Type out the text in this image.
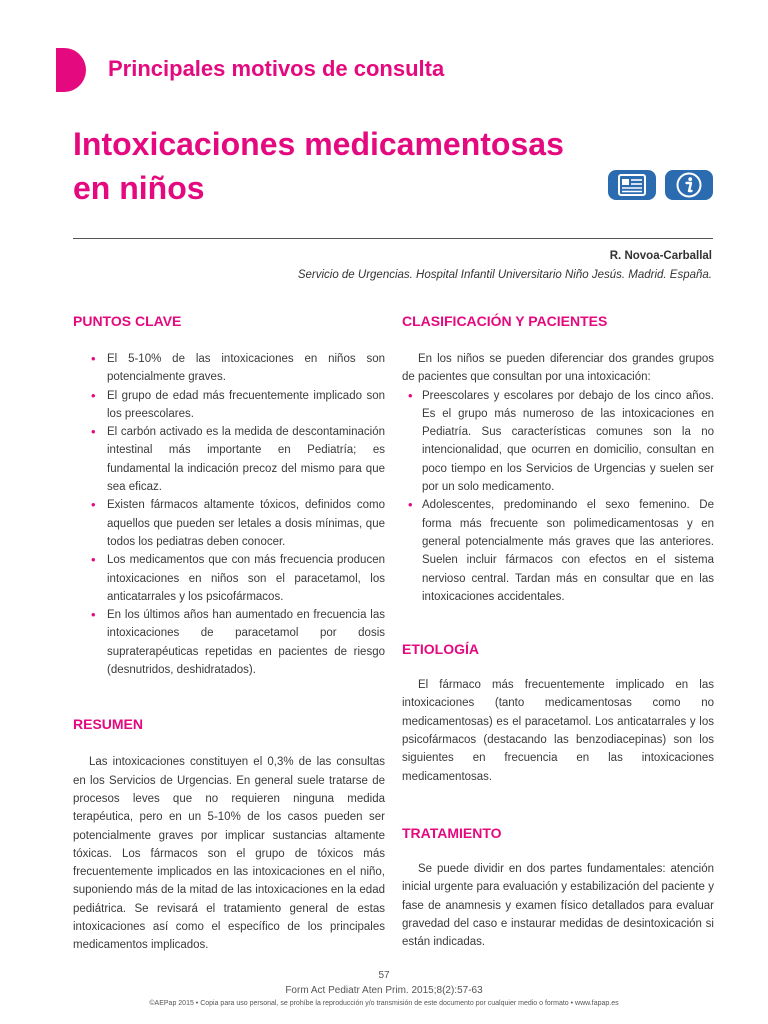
Principales motivos de consulta
Intoxicaciones medicamentosas
en niños
R. Novoa-Carballal
Servicio de Urgencias. Hospital Infantil Universitario Niño Jesús. Madrid. España.
PUNTOS CLAVE
• El 5-10% de las intoxicaciones en niños son potencialmente graves.
• El grupo de edad más frecuentemente implicado son los preescolares.
• El carbón activado es la medida de descontaminación intestinal más importante en Pediatría; es fundamental la indicación precoz del mismo para que sea eficaz.
• Existen fármacos altamente tóxicos, definidos como aquellos que pueden ser letales a dosis mínimas, que todos los pediatras deben conocer.
• Los medicamentos que con más frecuencia producen intoxicaciones en niños son el paracetamol, los anticatarrales y los psicofármacos.
• En los últimos años han aumentado en frecuencia las intoxicaciones de paracetamol por dosis supraterapéuticas repetidas en pacientes de riesgo (desnutridos, deshidratados).
RESUMEN

Las intoxicaciones constituyen el 0,3% de las consultas en los Servicios de Urgencias. En general suele tratarse de procesos leves que no requieren ninguna medida terapéutica, pero en un 5-10% de los casos pueden ser potencialmente graves por implicar sustancias altamente tóxicas. Los fármacos son el grupo de tóxicos más frecuentemente implicados en las intoxicaciones en el niño, suponiendo más de la mitad de las intoxicaciones en la edad pediátrica. Se revisará el tratamiento general de estas intoxicaciones así como el específico de los principales medicamentos implicados.

CLASIFICACIÓN Y PACIENTES

En los niños se pueden diferenciar dos grandes grupos de pacientes que consultan por una intoxicación:

• Preescolares y escolares por debajo de los cinco años. Es el grupo más numeroso de las intoxicaciones en Pediatría. Sus características comunes son la no intencionalidad, que ocurren en domicilio, consultan en poco tiempo en los Servicios de Urgencias y suelen ser por un solo medicamento.
• Adolescentes, predominando el sexo femenino. De forma más frecuente son polimedicamentosas y en general potencialmente más graves que las anteriores. Suelen incluir fármacos con efectos en el sistema nervioso central. Tardan más en consultar que en las intoxicaciones accidentales.
ETIOLOGÍA

El fármaco más frecuentemente implicado en las intoxicaciones (tanto medicamentosas como no medicamentosas) es el paracetamol. Los anticatarrales y los psicofármacos (destacando las benzodiacepinas) son los siguientes en frecuencia en las intoxicaciones medicamentosas.

TRATAMIENTO

Se puede dividir en dos partes fundamentales: atención inicial urgente para evaluación y estabilización del paciente y fase de anamnesis y examen físico detallados para evaluar gravedad del caso e instaurar medidas de desintoxicación si están indicadas.

57
Form Act Pediatr Aten Prim. 2015;8(2):57-63
©AEPap 2015 • Copia para uso personal, se prohíbe la reproducción y/o transmisión de este documento por cualquier medio o formato • www.fapap.es
